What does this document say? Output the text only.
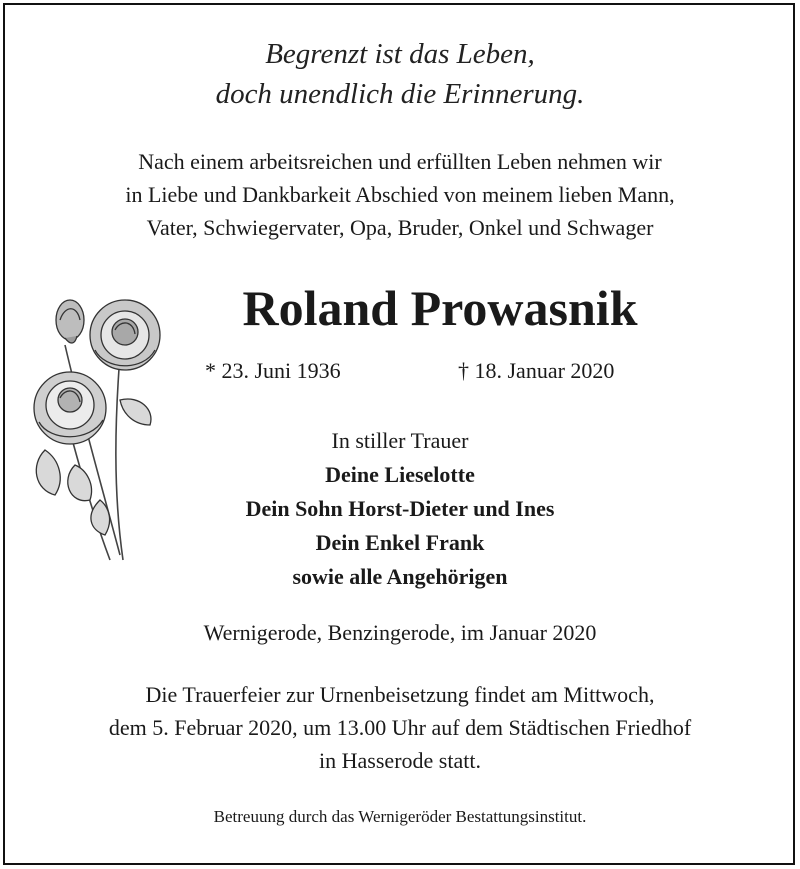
Begrenzt ist das Leben,
doch unendlich die Erinnerung.
Nach einem arbeitsreichen und erfüllten Leben nehmen wir
in Liebe und Dankbarkeit Abschied von meinem lieben Mann,
Vater, Schwiegervater, Opa, Bruder, Onkel und Schwager
Roland Prowasnik
* 23. Juni 1936	† 18. Januar 2020
In stiller Trauer
Deine Lieselotte
Dein Sohn Horst-Dieter und Ines
Dein Enkel Frank
sowie alle Angehörigen
Wernigerode, Benzingerode, im Januar 2020
Die Trauerfeier zur Urnenbeisetzung findet am Mittwoch,
dem 5. Februar 2020, um 13.00 Uhr auf dem Städtischen Friedhof
in Hasserode statt.
Betreuung durch das Wernigeröder Bestattungsinstitut.
